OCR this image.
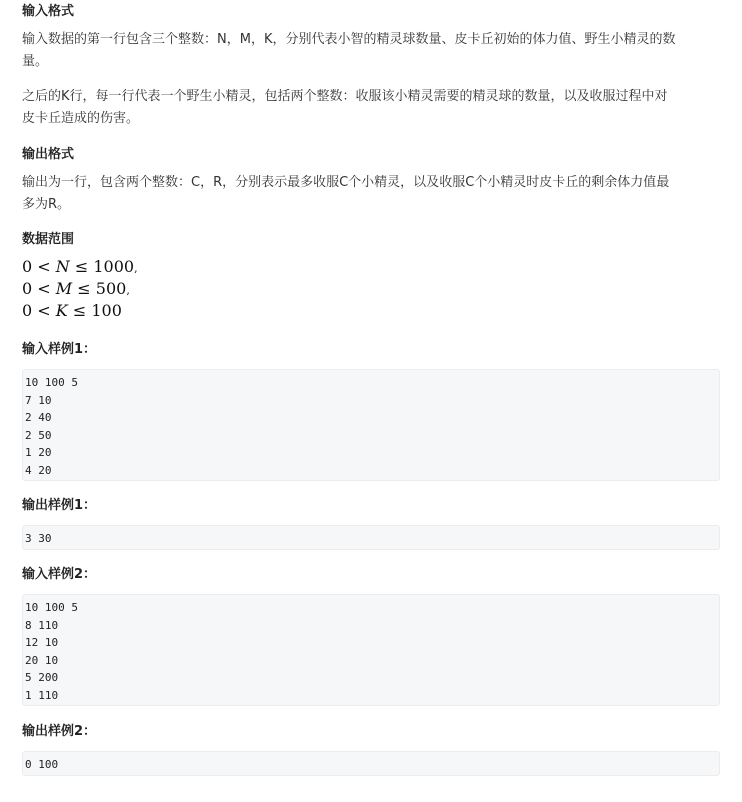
输入格式
输入数据的第一行包含三个整数：N，M，K，分别代表小智的精灵球数量、皮卡丘初始的体力值、野生小精灵的数
量。
之后的K行，每一行代表一个野生小精灵，包括两个整数：收服该小精灵需要的精灵球的数量，以及收服过程中对
皮卡丘造成的伤害。
输出格式
输出为一行，包含两个整数：C，R，分别表示最多收服C个小精灵，以及收服C个小精灵时皮卡丘的剩余体力值最
多为R。
数据范围
0 < N ≤ 1000,
0 < M ≤ 500,
0 < K ≤ 100
输入样例1：
10 100 5
7 10
2 40
2 50
1 20
4 20
输出样例1：
3 30
输入样例2：
10 100 5
8 110
12 10
20 10
5 200
1 110
输出样例2：
0 100
